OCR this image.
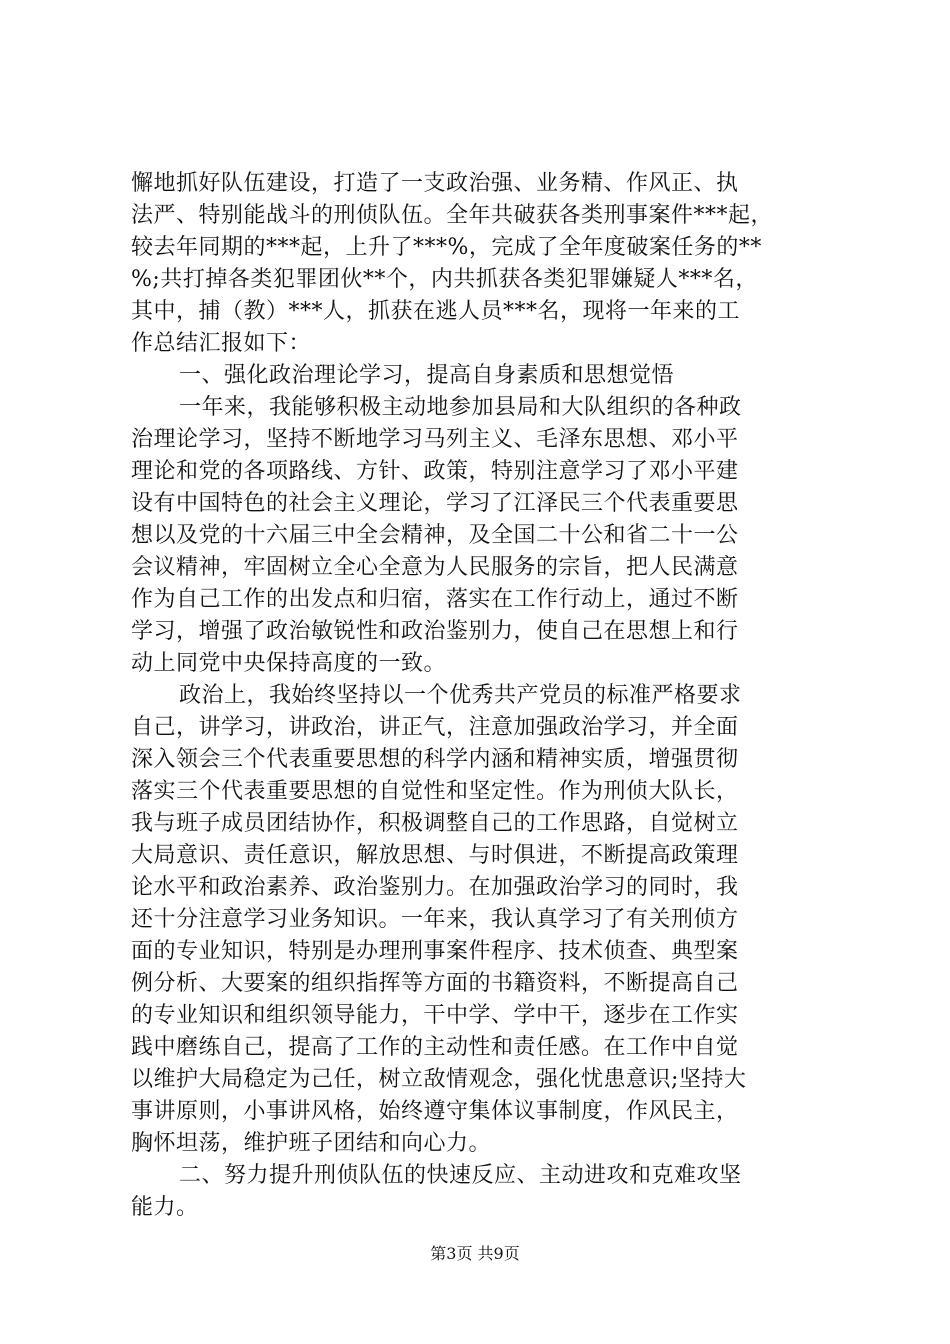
懈地抓好队伍建设，打造了一支政治强、业务精、作风正、执
法严、特别能战斗的刑侦队伍。全年共破获各类刑事案件***起，
较去年同期的***起，上升了***%，完成了全年度破案任务的**
%;共打掉各类犯罪团伙**个，内共抓获各类犯罪嫌疑人***名，
其中，捕（教）***人，抓获在逃人员***名，现将一年来的工
作总结汇报如下：
一、强化政治理论学习，提高自身素质和思想觉悟
一年来，我能够积极主动地参加县局和大队组织的各种政
治理论学习，坚持不断地学习马列主义、毛泽东思想、邓小平
理论和党的各项路线、方针、政策，特别注意学习了邓小平建
设有中国特色的社会主义理论，学习了江泽民三个代表重要思
想以及党的十六届三中全会精神，及全国二十公和省二十一公
会议精神，牢固树立全心全意为人民服务的宗旨，把人民满意
作为自己工作的出发点和归宿，落实在工作行动上，通过不断
学习，增强了政治敏锐性和政治鉴别力，使自己在思想上和行
动上同党中央保持高度的一致。
政治上，我始终坚持以一个优秀共产党员的标准严格要求
自己，讲学习，讲政治，讲正气，注意加强政治学习，并全面
深入领会三个代表重要思想的科学内涵和精神实质，增强贯彻
落实三个代表重要思想的自觉性和坚定性。作为刑侦大队长，
我与班子成员团结协作，积极调整自己的工作思路，自觉树立
大局意识、责任意识，解放思想、与时俱进，不断提高政策理
论水平和政治素养、政治鉴别力。在加强政治学习的同时，我
还十分注意学习业务知识。一年来，我认真学习了有关刑侦方
面的专业知识，特别是办理刑事案件程序、技术侦查、典型案
例分析、大要案的组织指挥等方面的书籍资料，不断提高自己
的专业知识和组织领导能力，干中学、学中干，逐步在工作实
践中磨练自己，提高了工作的主动性和责任感。在工作中自觉
以维护大局稳定为己任，树立敌情观念，强化忧患意识;坚持大
事讲原则，小事讲风格，始终遵守集体议事制度，作风民主，
胸怀坦荡，维护班子团结和向心力。
二、努力提升刑侦队伍的快速反应、主动进攻和克难攻坚
能力。
第3页 共9页
